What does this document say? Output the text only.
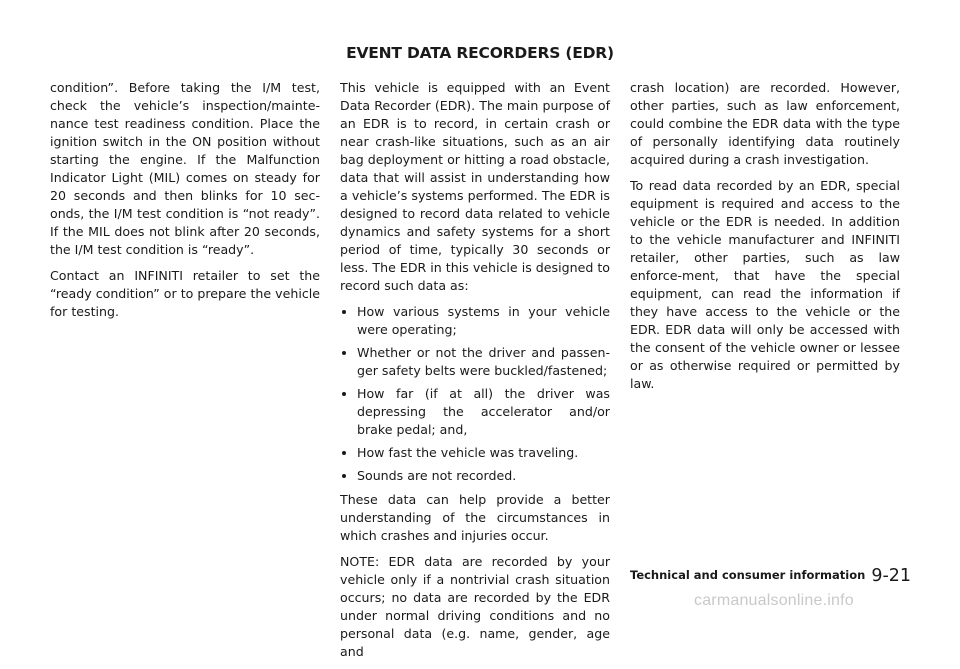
EVENT DATA RECORDERS (EDR)

condition”. Before taking the I/M test, check the vehicle’s inspection/mainte-nance test readiness condition. Place the ignition switch in the ON position without starting the engine. If the Malfunction Indicator Light (MIL) comes on steady for 20 seconds and then blinks for 10 sec-onds, the I/M test condition is “not ready”. If the MIL does not blink after 20 seconds, the I/M test condition is “ready”.

Contact an INFINITI retailer to set the “ready condition” or to prepare the vehicle for testing.

This vehicle is equipped with an Event Data Recorder (EDR). The main purpose of an EDR is to record, in certain crash or near crash-like situations, such as an air bag deployment or hitting a road obstacle, data that will assist in understanding how a vehicle’s systems performed. The EDR is designed to record data related to vehicle dynamics and safety systems for a short period of time, typically 30 seconds or less. The EDR in this vehicle is designed to record such data as:

How various systems in your vehicle were operating;
Whether or not the driver and passen-ger safety belts were buckled/fastened;
How far (if at all) the driver was depressing the accelerator and/or brake pedal; and,
How fast the vehicle was traveling.
Sounds are not recorded.

These data can help provide a better understanding of the circumstances in which crashes and injuries occur.

NOTE: EDR data are recorded by your vehicle only if a nontrivial crash situation occurs; no data are recorded by the EDR under normal driving conditions and no personal data (e.g. name, gender, age and

crash location) are recorded. However, other parties, such as law enforcement, could combine the EDR data with the type of personally identifying data routinely acquired during a crash investigation.

To read data recorded by an EDR, special equipment is required and access to the vehicle or the EDR is needed. In addition to the vehicle manufacturer and INFINITI retailer, other parties, such as law enforce-ment, that have the special equipment, can read the information if they have access to the vehicle or the EDR. EDR data will only be accessed with the consent of the vehicle owner or lessee or as otherwise required or permitted by law.

Technical and consumer information 9-21
carmanualsonline.info
